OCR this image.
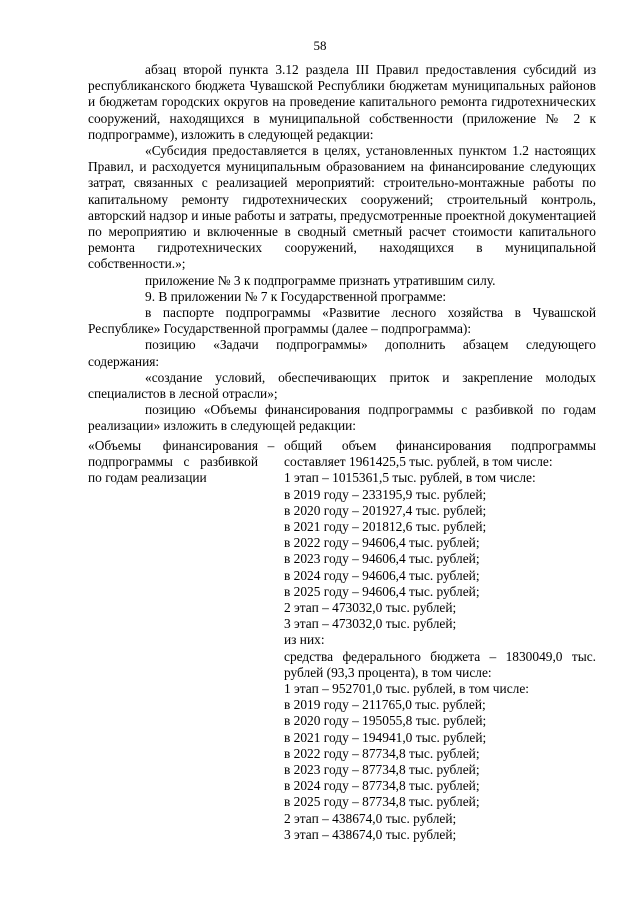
58

абзац второй пункта 3.12 раздела III Правил предоставления субсидий из республиканского бюджета Чувашской Республики бюджетам муниципальных районов и бюджетам городских округов на проведение капитального ремонта гидротехнических сооружений, находящихся в муниципальной собственности (приложение № 2 к подпрограмме), изложить в следующей редакции:

«Субсидия предоставляется в целях, установленных пунктом 1.2 настоящих Правил, и расходуется муниципальным образованием на финансирование следующих затрат, связанных с реализацией мероприятий: строительно-монтажные работы по капитальному ремонту гидротехнических сооружений; строительный контроль, авторский надзор и иные работы и затраты, предусмотренные проектной документацией по мероприятию и включенные в сводный сметный расчет стоимости капитального ремонта гидротехнических сооружений, находящихся в муниципальной собственности.»;

приложение № 3 к подпрограмме признать утратившим силу.

9. В приложении № 7 к Государственной программе:

в паспорте подпрограммы «Развитие лесного хозяйства в Чувашской Республике» Государственной программы (далее – подпрограмма):

позицию «Задачи подпрограммы» дополнить абзацем следующего содержания:

«создание условий, обеспечивающих приток и закрепление молодых специалистов в лесной отрасли»;

позицию «Объемы финансирования подпрограммы с разбивкой по годам реализации» изложить в следующей редакции:

«Объемы финансирования подпрограммы с разбивкой по годам реализации
– общий объем финансирования подпрограммы составляет 1961425,5 тыс. рублей, в том числе:

1 этап – 1015361,5 тыс. рублей, в том числе:

в 2019 году – 233195,9 тыс. рублей;

в 2020 году – 201927,4 тыс. рублей;

в 2021 году – 201812,6 тыс. рублей;

в 2022 году – 94606,4 тыс. рублей;

в 2023 году – 94606,4 тыс. рублей;

в 2024 году – 94606,4 тыс. рублей;

в 2025 году – 94606,4 тыс. рублей;

2 этап – 473032,0 тыс. рублей;

3 этап – 473032,0 тыс. рублей;

из них:

средства федерального бюджета – 1830049,0 тыс. рублей (93,3 процента), в том числе:

1 этап – 952701,0 тыс. рублей, в том числе:

в 2019 году – 211765,0 тыс. рублей;

в 2020 году – 195055,8 тыс. рублей;

в 2021 году – 194941,0 тыс. рублей;

в 2022 году – 87734,8 тыс. рублей;

в 2023 году – 87734,8 тыс. рублей;

в 2024 году – 87734,8 тыс. рублей;

в 2025 году – 87734,8 тыс. рублей;

2 этап – 438674,0 тыс. рублей;

3 этап – 438674,0 тыс. рублей;
